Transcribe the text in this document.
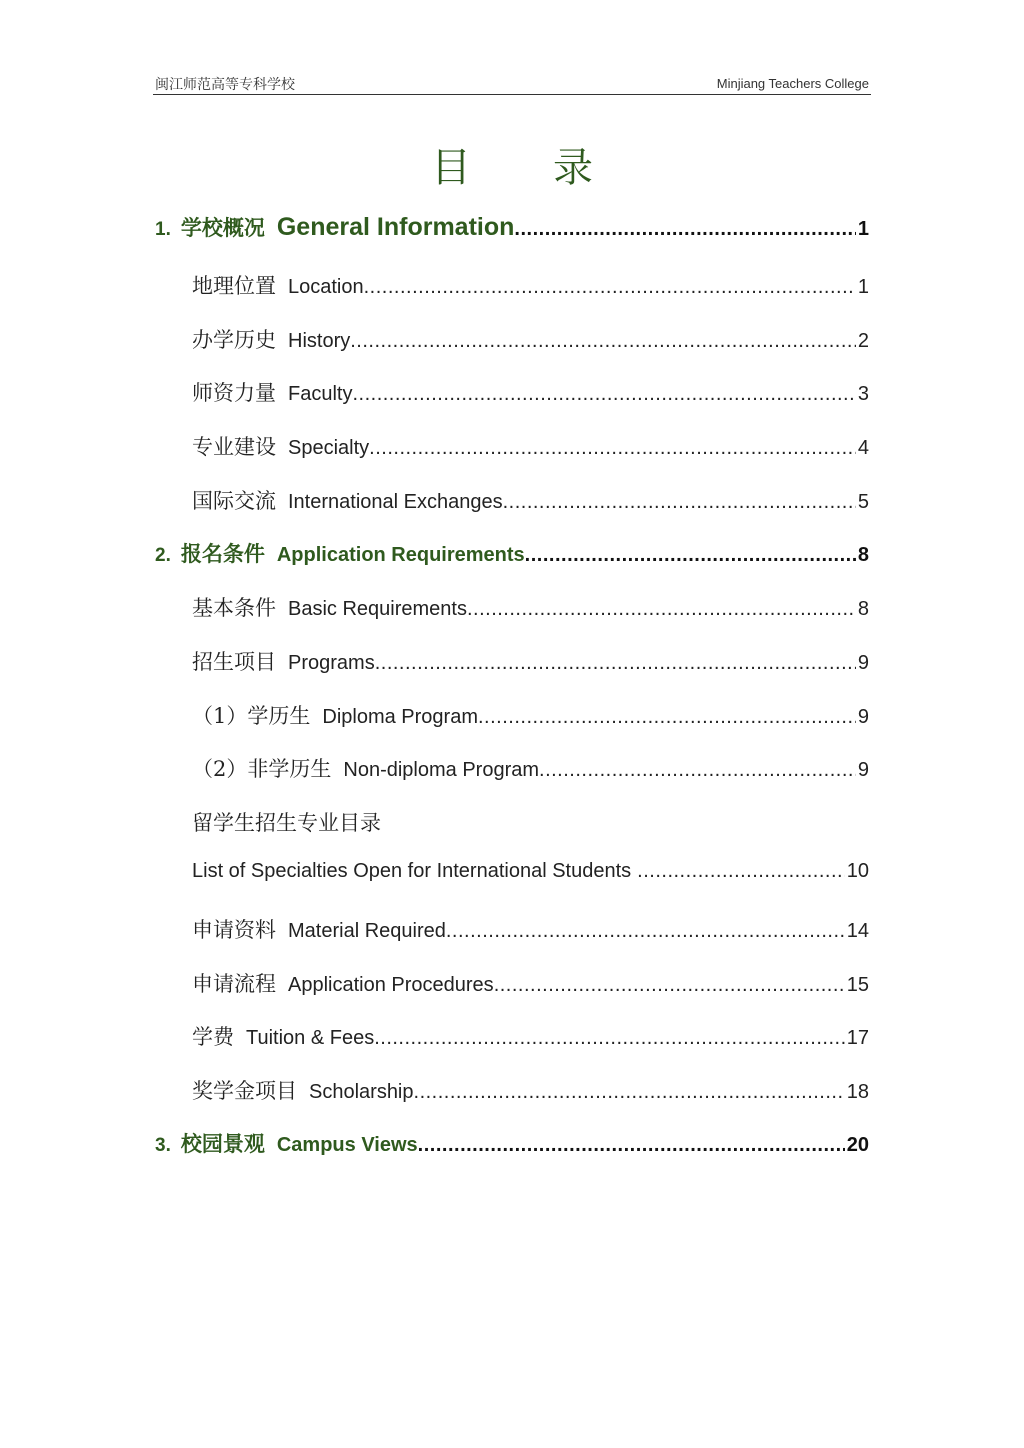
闽江师范高等专科学校	Minjiang Teachers College
目录
1. 学校概况 General Information .....	1
地理位置 Location .....	1
办学历史 History .....	2
师资力量 Faculty .....	3
专业建设 Specialty .....	4
国际交流 International Exchanges .....	5
2. 报名条件 Application Requirements .....	8
基本条件 Basic Requirements .....	8
招生项目 Programs .....	9
（1）学历生 Diploma Program .....	9
（2）非学历生 Non-diploma Program .....	9
留学生招生专业目录
List of Specialties Open for International Students .....	10
申请资料 Material Required .....	14
申请流程 Application Procedures .....	15
学费 Tuition & Fees .....	17
奖学金项目 Scholarship .....	18
3. 校园景观 Campus Views .....	20
